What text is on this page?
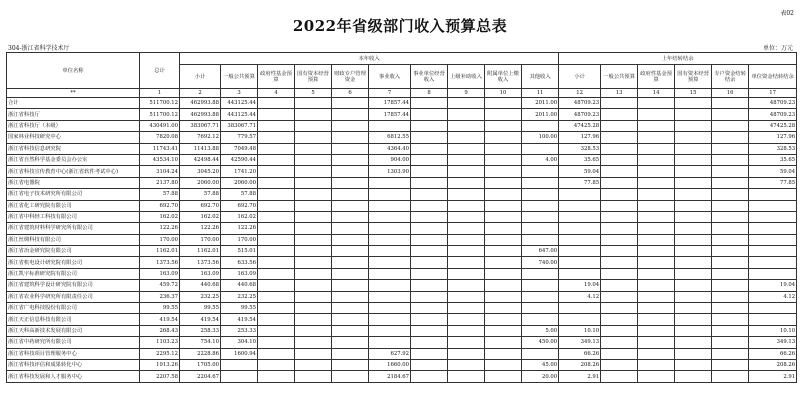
表02
2022年省级部门收入预算总表
304-浙江省科学技术厅	单位：万元
单位名称	总计	本年收入										上年结转结余					
		小计	一般公共预算	政府性基金预算	国有资本经营预算	财政专户管理资金	事业收入	事业单位经营收入	上级补助收入	附属单位上缴收入	其他收入	小计	一般公共预算	政府性基金预算	国有资本经营预算	专户资金结转结余	单位资金结转结余
**	1	2	3	4	5	6	7	8	9	10	11	12	13	14	15	16	17
合计	511700.12	462993.88	443125.44				17857.44				2011.00	48709.23					48709.23
浙江省科技厅	511700.12	462993.88	443125.44				17857.44				2011.00	48709.23					48709.23
浙江省科技厅（本级）	430491.00	383067.71	383067.71									47425.28					47425.28
国家林业科技研究中心	7820.08	7692.12	779.57				6812.55				100.00	127.96					127.96
浙江省科技信息研究院	11743.41	11413.88	7049.48				4364.40					328.53					328.53
浙江省自然科学基金委员会办公室	43534.10	42498.44	42590.44				904.00				4.00	35.65					35.65
浙江省科技宣传教育中心(浙江省软件考试中心)	3104.24	3045.20	1741.20				1303.90					59.04					59.04
浙江省电器院	2137.80	2060.00	2060.00									77.85					77.85
浙江省电子技术研究所有限公司	57.88	57.88	57.88														
浙江省化工研究院有限公司	692.70	692.70	692.70														
浙江省中科轻工科技有限公司	162.02	162.02	162.02														
浙江省建筑材料科学研究所有限公司	122.26	122.26	122.26														
浙江丝绸科技有限公司	170.00	170.00	170.00														
浙江省冶金研究院有限公司	1162.01	1162.01	515.01								647.00						
浙江省机电设计研究院有限公司	1373.56	1373.56	633.56								740.00						
浙江凯宇标准研究院有限公司	163.09	163.09	163.09														
浙江省建筑科学设计研究院有限公司	459.72	440.68	440.68									19.04					19.04
浙江省农业科学研究所有限责任公司	236.37	232.25	232.25									4.12					4.12
浙江省广电科技股份有限公司	99.55	99.55	99.55														
浙江天正信息科技有限公司	419.54	419.54	419.54														
浙江天科高新技术发展有限公司	268.43	258.33	253.33								5.00	10.10					10.10
浙江省中药研究所有限公司	1103.23	754.10	304.10								450.00	349.13					349.13
浙江省科技项目管理服务中心	2295.12	2228.86	1600.94				627.92					66.26					66.26
浙江省科技评估和成果转化中心	1913.26	1705.00					1660.00				45.00	208.26					208.26
浙江省科技发展和人才服务中心	2207.58	2204.67					2184.67				20.00	2.91					2.91
